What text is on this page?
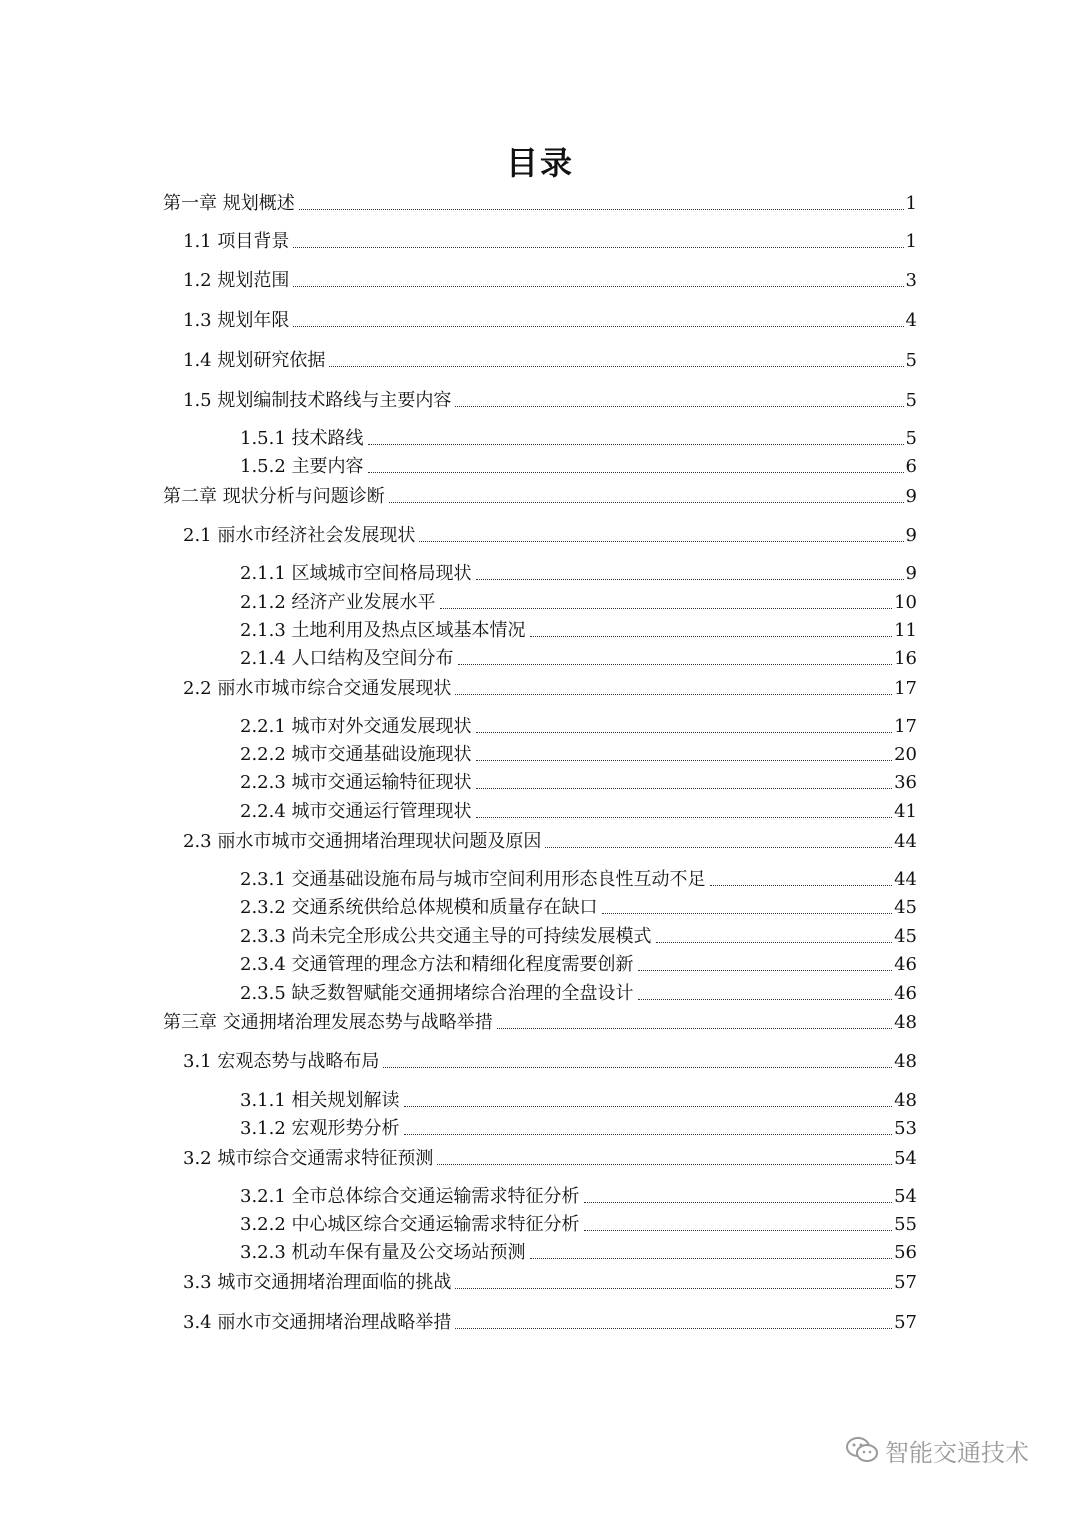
目录
第一章 规划概述	1
1.1 项目背景	1
1.2 规划范围	3
1.3 规划年限	4
1.4 规划研究依据	5
1.5 规划编制技术路线与主要内容	5
1.5.1 技术路线	5
1.5.2 主要内容	6
第二章 现状分析与问题诊断	9
2.1 丽水市经济社会发展现状	9
2.1.1 区域城市空间格局现状	9
2.1.2 经济产业发展水平	10
2.1.3 土地利用及热点区域基本情况	11
2.1.4 人口结构及空间分布	16
2.2 丽水市城市综合交通发展现状	17
2.2.1 城市对外交通发展现状	17
2.2.2 城市交通基础设施现状	20
2.2.3 城市交通运输特征现状	36
2.2.4 城市交通运行管理现状	41
2.3 丽水市城市交通拥堵治理现状问题及原因	44
2.3.1 交通基础设施布局与城市空间利用形态良性互动不足	44
2.3.2 交通系统供给总体规模和质量存在缺口	45
2.3.3 尚未完全形成公共交通主导的可持续发展模式	45
2.3.4 交通管理的理念方法和精细化程度需要创新	46
2.3.5 缺乏数智赋能交通拥堵综合治理的全盘设计	46
第三章 交通拥堵治理发展态势与战略举措	48
3.1 宏观态势与战略布局	48
3.1.1 相关规划解读	48
3.1.2 宏观形势分析	53
3.2 城市综合交通需求特征预测	54
3.2.1 全市总体综合交通运输需求特征分析	54
3.2.2 中心城区综合交通运输需求特征分析	55
3.2.3 机动车保有量及公交场站预测	56
3.3 城市交通拥堵治理面临的挑战	57
3.4 丽水市交通拥堵治理战略举措	57
智能交通技术
